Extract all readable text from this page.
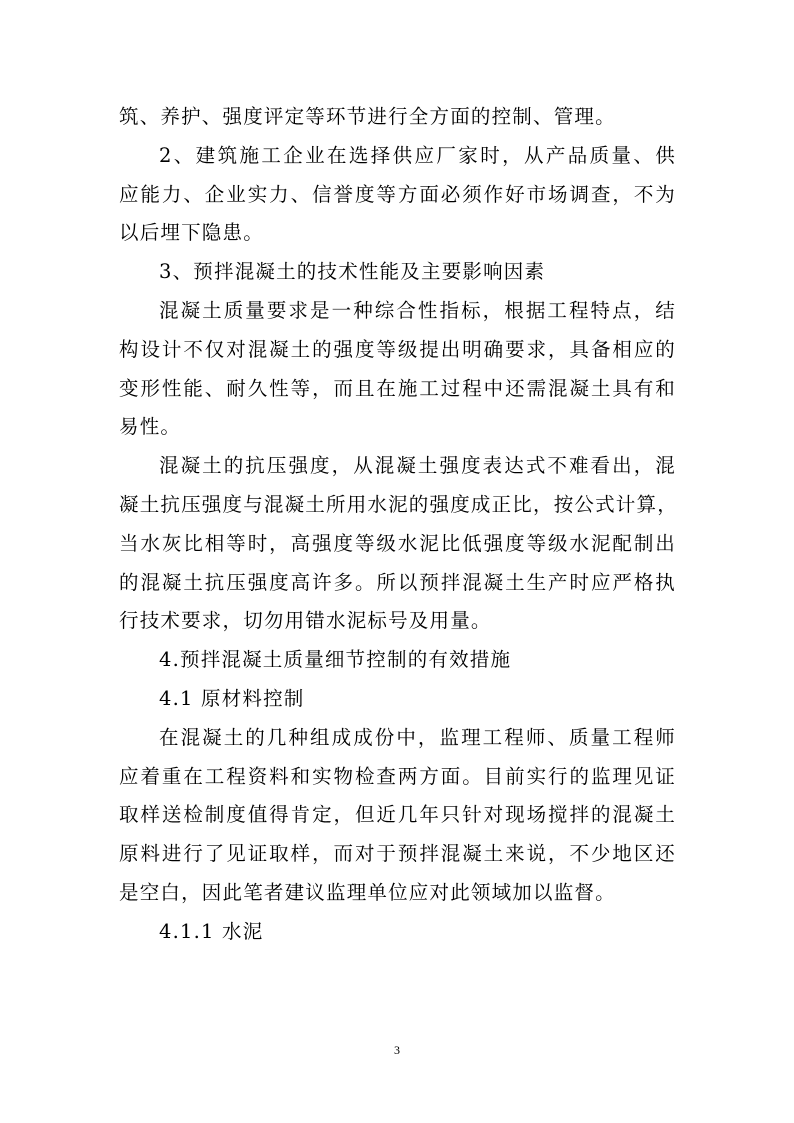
筑、养护、强度评定等环节进行全方面的控制、管理。
2、建筑施工企业在选择供应厂家时，从产品质量、供
应能力、企业实力、信誉度等方面必须作好市场调查，不为
以后埋下隐患。
3、预拌混凝土的技术性能及主要影响因素
混凝土质量要求是一种综合性指标，根据工程特点，结
构设计不仅对混凝土的强度等级提出明确要求，具备相应的
变形性能、耐久性等，而且在施工过程中还需混凝土具有和
易性。
混凝土的抗压强度，从混凝土强度表达式不难看出，混
凝土抗压强度与混凝土所用水泥的强度成正比，按公式计算，
当水灰比相等时，高强度等级水泥比低强度等级水泥配制出
的混凝土抗压强度高许多。所以预拌混凝土生产时应严格执
行技术要求，切勿用错水泥标号及用量。
4.预拌混凝土质量细节控制的有效措施
4.1 原材料控制
在混凝土的几种组成成份中，监理工程师、质量工程师
应着重在工程资料和实物检查两方面。目前实行的监理见证
取样送检制度值得肯定，但近几年只针对现场搅拌的混凝土
原料进行了见证取样，而对于预拌混凝土来说，不少地区还
是空白，因此笔者建议监理单位应对此领域加以监督。
4.1.1 水泥
3
